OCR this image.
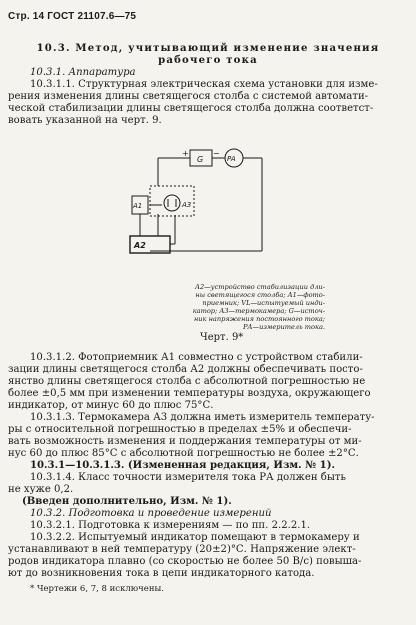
Стр. 14 ГОСТ 21107.6—75
10.3. Метод, учитывающий изменение значения
рабочего тока
10.3.1. Аппаратура
10.3.1.1. Структурная электрическая схема установки для изме-
рения изменения длины светящегося столба с системой автомати-
ческой стабилизации длины светящегося столба должна соответст-
вовать указанной на черт. 9.
+	−
G	PA
A1	A3
A2
А2—устройство стабилизации дли-
ны светящегося столба; А1—фото-
приемник; VL—испытуемый инди-
катор; А3—термокамера; G—источ-
ник напряжения постоянного тока;
РА—измеритель тока.
Черт. 9*
10.3.1.2. Фотоприемник А1 совместно с устройством стабили-
зации длины светящегося столба А2 должны обеспечивать посто-
янство длины светящегося столба с абсолютной погрешностью не
более ±0,5 мм при изменении температуры воздуха, окружающего
индикатор, от минус 60 до плюс 75°С.
10.3.1.3. Термокамера А3 должна иметь измеритель температу-
ры с относительной погрешностью в пределах ±5% и обеспечи-
вать возможность изменения и поддержания температуры от ми-
нус 60 до плюс 85°С с абсолютной погрешностью не более ±2°С.
10.3.1—10.3.1.3. (Измененная редакция, Изм. № 1).
10.3.1.4. Класс точности измерителя тока РА должен быть
не хуже 0,2.
(Введен дополнительно, Изм. № 1).
10.3.2. Подготовка и проведение измерений
10.3.2.1. Подготовка к измерениям — по пп. 2.2.2.1.
10.3.2.2. Испытуемый индикатор помещают в термокамеру и
устанавливают в ней температуру (20±2)°С. Напряжение элект-
родов индикатора плавно (со скоростью не более 50 В/с) повыша-
ют до возникновения тока в цепи индикаторного катода.
* Чертежи 6, 7, 8 исключены.
